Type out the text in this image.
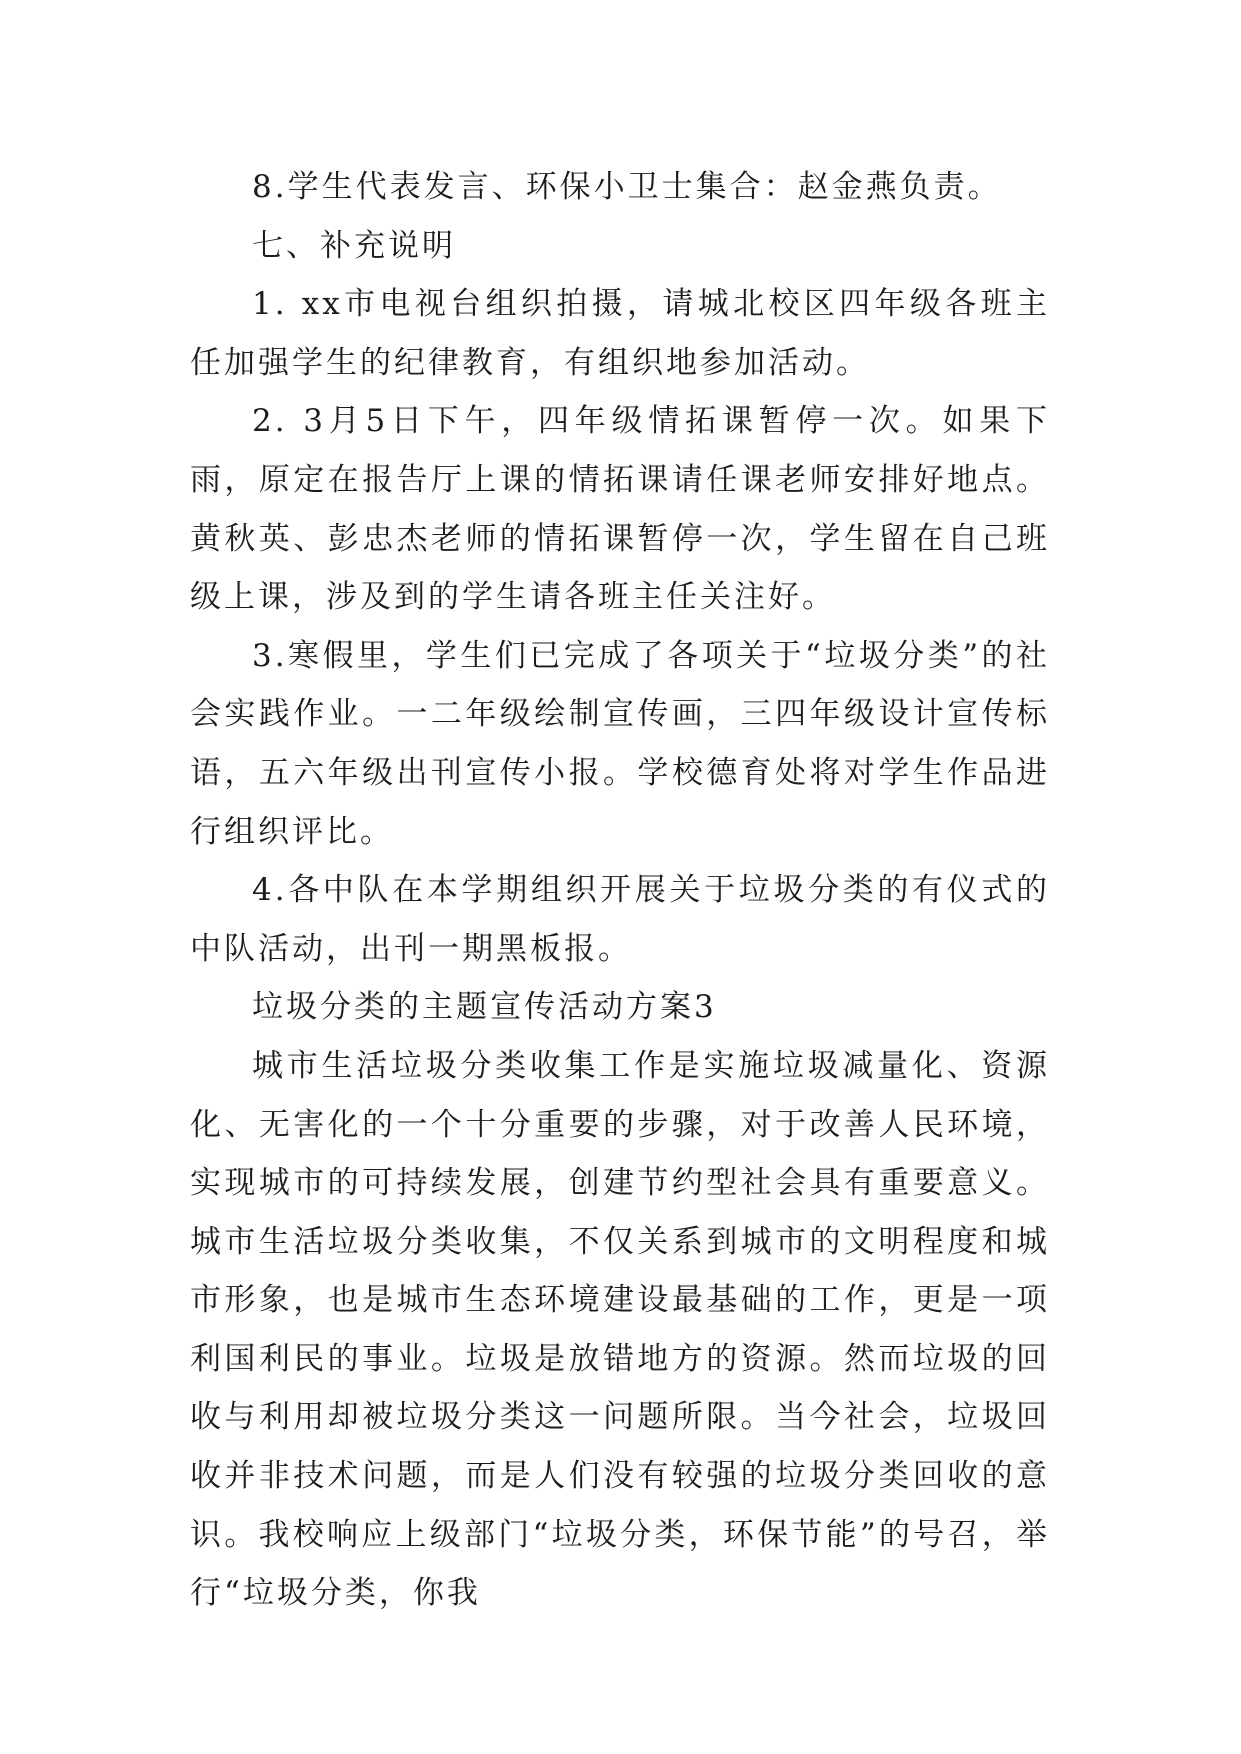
8.学生代表发言、环保小卫士集合：赵金燕负责。

七、补充说明

1. xx市电视台组织拍摄，请城北校区四年级各班主任加强学生的纪律教育，有组织地参加活动。

2. 3月5日下午，四年级情拓课暂停一次。如果下雨，原定在报告厅上课的情拓课请任课老师安排好地点。黄秋英、彭忠杰老师的情拓课暂停一次，学生留在自己班级上课，涉及到的学生请各班主任关注好。

3.寒假里，学生们已完成了各项关于“垃圾分类”的社会实践作业。一二年级绘制宣传画，三四年级设计宣传标语，五六年级出刊宣传小报。学校德育处将对学生作品进行组织评比。

4.各中队在本学期组织开展关于垃圾分类的有仪式的中队活动，出刊一期黑板报。

垃圾分类的主题宣传活动方案3

城市生活垃圾分类收集工作是实施垃圾减量化、资源化、无害化的一个十分重要的步骤，对于改善人民环境，实现城市的可持续发展，创建节约型社会具有重要意义。城市生活垃圾分类收集，不仅关系到城市的文明程度和城市形象，也是城市生态环境建设最基础的工作，更是一项利国利民的事业。垃圾是放错地方的资源。然而垃圾的回收与利用却被垃圾分类这一问题所限。当今社会，垃圾回收并非技术问题，而是人们没有较强的垃圾分类回收的意识。我校响应上级部门“垃圾分类，环保节能”的号召，举行“垃圾分类，你我
